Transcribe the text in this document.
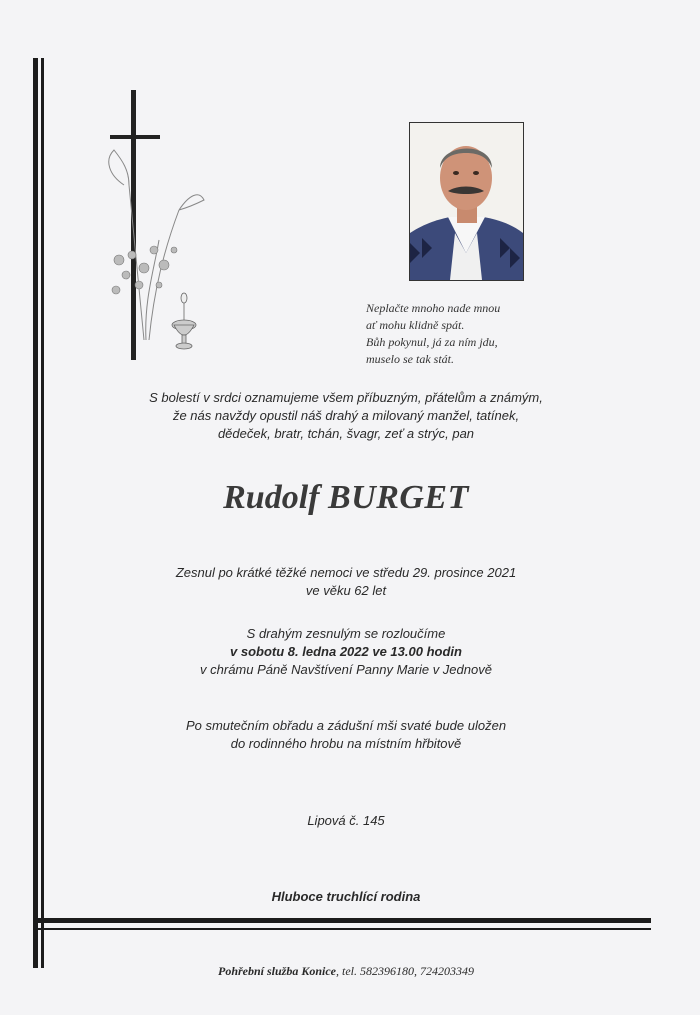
Neplačte mnoho nade mnou
ať mohu klidně spát.
Bůh pokynul, já za ním jdu,
muselo se tak stát.
S bolestí v srdci oznamujeme všem příbuzným, přátelům a známým,
že nás navždy opustil náš drahý a milovaný manžel, tatínek,
dědeček, bratr, tchán, švagr, zeť a strýc, pan
Rudolf BURGET
Zesnul po krátké těžké nemoci ve středu 29. prosince 2021
ve věku 62 let
S drahým zesnulým se rozloučíme
v sobotu 8. ledna 2022 ve 13.00 hodin
v chrámu Páně Navštívení Panny Marie v Jednově
Po smutečním obřadu a zádušní mši svaté bude uložen
do rodinného hrobu na místním hřbitově
Lipová č. 145
Hluboce truchlící rodina
Pohřební služba Konice, tel. 582396180, 724203349
